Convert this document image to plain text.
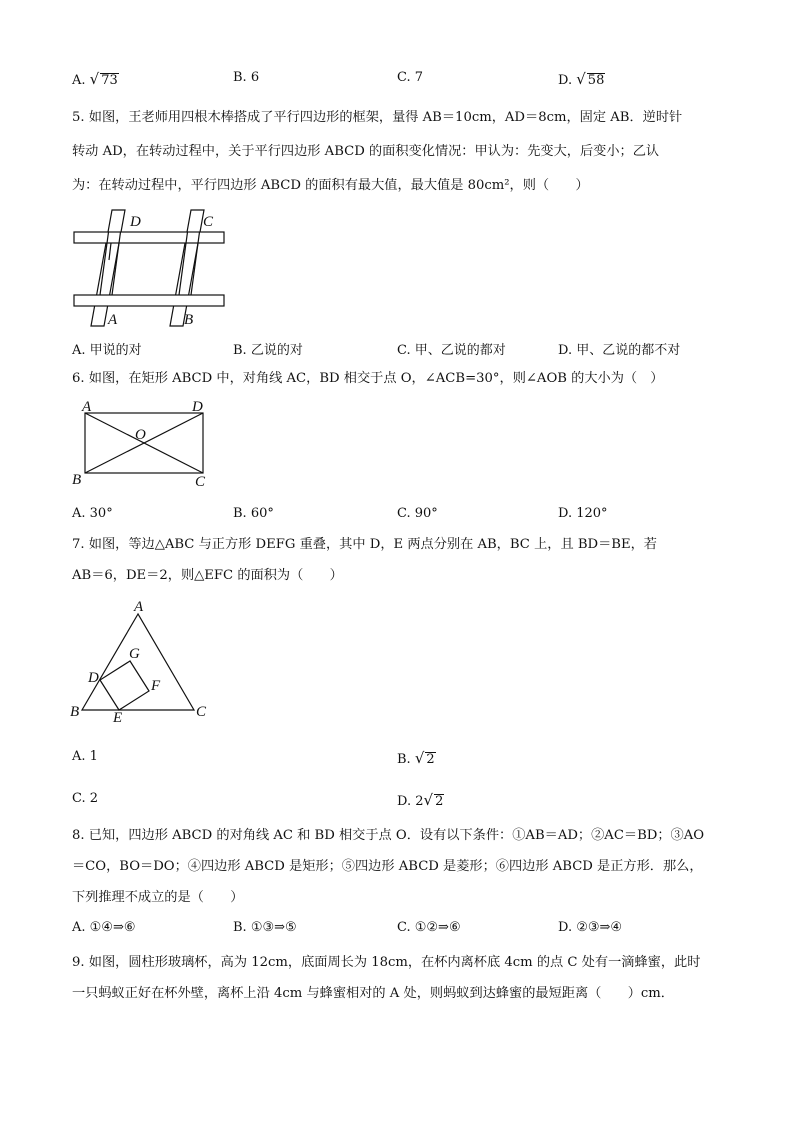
A. √ 73	B. 6	C. 7	D. √ 58
5. 如图，王老师用四根木棒搭成了平行四边形的框架，量得 AB＝10cm，AD＝8cm，固定 AB．逆时针
转动 AD，在转动过程中，关于平行四边形 ABCD 的面积变化情况：甲认为：先变大，后变小；乙认
为：在转动过程中，平行四边形 ABCD 的面积有最大值，最大值是 80cm²，则（　　）
D	C
A	B
A. 甲说的对	B. 乙说的对	C. 甲、乙说的都对	D. 甲、乙说的都不对
6. 如图，在矩形 ABCD 中，对角线 AC，BD 相交于点 O，∠ACB=30°，则∠AOB 的大小为（　）
A	D
O
B	C
A. 30°	B. 60°	C. 90°	D. 120°
7. 如图，等边△ABC 与正方形 DEFG 重叠，其中 D，E 两点分别在 AB，BC 上，且 BD＝BE，若
AB＝6，DE＝2，则△EFC 的面积为（　　）
A
G
D	F
B E	C
A. 1	B. √ 2
C. 2	D. 2√ 2
8. 已知，四边形 ABCD 的对角线 AC 和 BD 相交于点 O．设有以下条件：①AB＝AD；②AC＝BD；③AO
＝CO，BO＝DO；④四边形 ABCD 是矩形；⑤四边形 ABCD 是菱形；⑥四边形 ABCD 是正方形．那么，
下列推理不成立的是（　　）
A. ①④⇒⑥	B. ①③⇒⑤	C. ①②⇒⑥	D. ②③⇒④
9. 如图，圆柱形玻璃杯，高为 12cm，底面周长为 18cm，在杯内离杯底 4cm 的点 C 处有一滴蜂蜜，此时
一只蚂蚁正好在杯外壁，离杯上沿 4cm 与蜂蜜相对的 A 处，则蚂蚁到达蜂蜜的最短距离（　　）cm．
